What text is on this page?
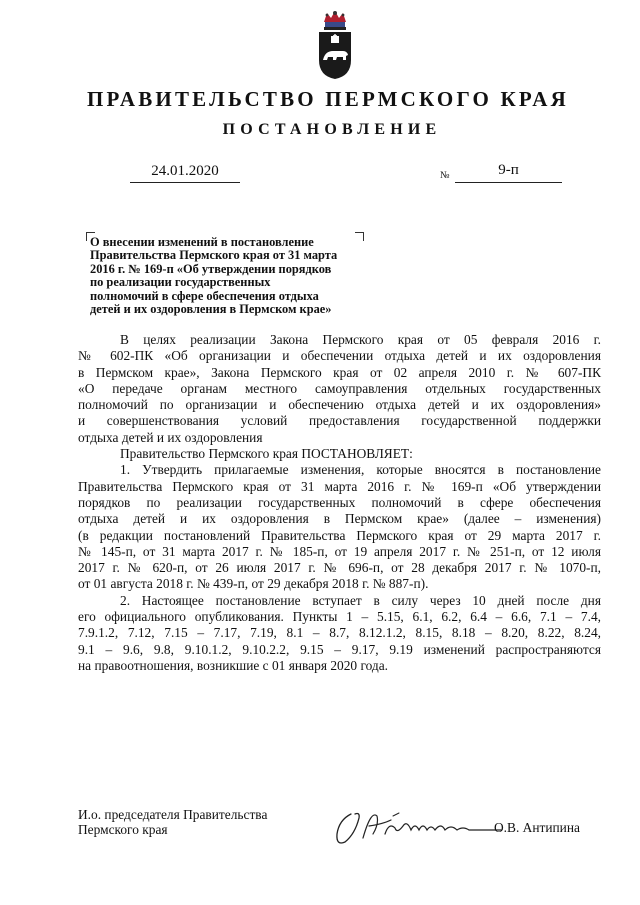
ПРАВИТЕЛЬСТВО ПЕРМСКОГО КРАЯ
ПОСТАНОВЛЕНИЕ
24.01.2020	№	9-п
О внесении изменений в постановление
Правительства Пермского края от 31 марта
2016 г. № 169-п «Об утверждении порядков
по реализации государственных
полномочий в сфере обеспечения отдыха
детей и их оздоровления в Пермском крае»

В целях реализации Закона Пермского края от 05 февраля 2016 г.

№ 602-ПК «Об организации и обеспечении отдыха детей и их оздоровления

в Пермском крае», Закона Пермского края от 02 апреля 2010 г. № 607-ПК

«О передаче органам местного самоуправления отдельных государственных

полномочий по организации и обеспечению отдыха детей и их оздоровления»

и совершенствования условий предоставления государственной поддержки

отдыха детей и их оздоровления

Правительство Пермского края ПОСТАНОВЛЯЕТ:

1. Утвердить прилагаемые изменения, которые вносятся в постановление

Правительства Пермского края от 31 марта 2016 г. № 169-п «Об утверждении

порядков по реализации государственных полномочий в сфере обеспечения

отдыха детей и их оздоровления в Пермском крае» (далее – изменения)

(в редакции постановлений Правительства Пермского края от 29 марта 2017 г.

№ 145-п, от 31 марта 2017 г. № 185-п, от 19 апреля 2017 г. № 251-п, от 12 июля

2017 г. № 620-п, от 26 июля 2017 г. № 696-п, от 28 декабря 2017 г. № 1070-п,

от 01 августа 2018 г. № 439-п, от 29 декабря 2018 г. № 887-п).

2. Настоящее постановление вступает в силу через 10 дней после дня

его официального опубликования. Пункты 1 – 5.15, 6.1, 6.2, 6.4 – 6.6, 7.1 – 7.4,

7.9.1.2, 7.12, 7.15 – 7.17, 7.19, 8.1 – 8.7, 8.12.1.2, 8.15, 8.18 – 8.20, 8.22, 8.24,

9.1 – 9.6, 9.8, 9.10.1.2, 9.10.2.2, 9.15 – 9.17, 9.19 изменений распространяются

на правоотношения, возникшие с 01 января 2020 года.

И.о. председателя Правительства
Пермского края	О.В. Антипина
